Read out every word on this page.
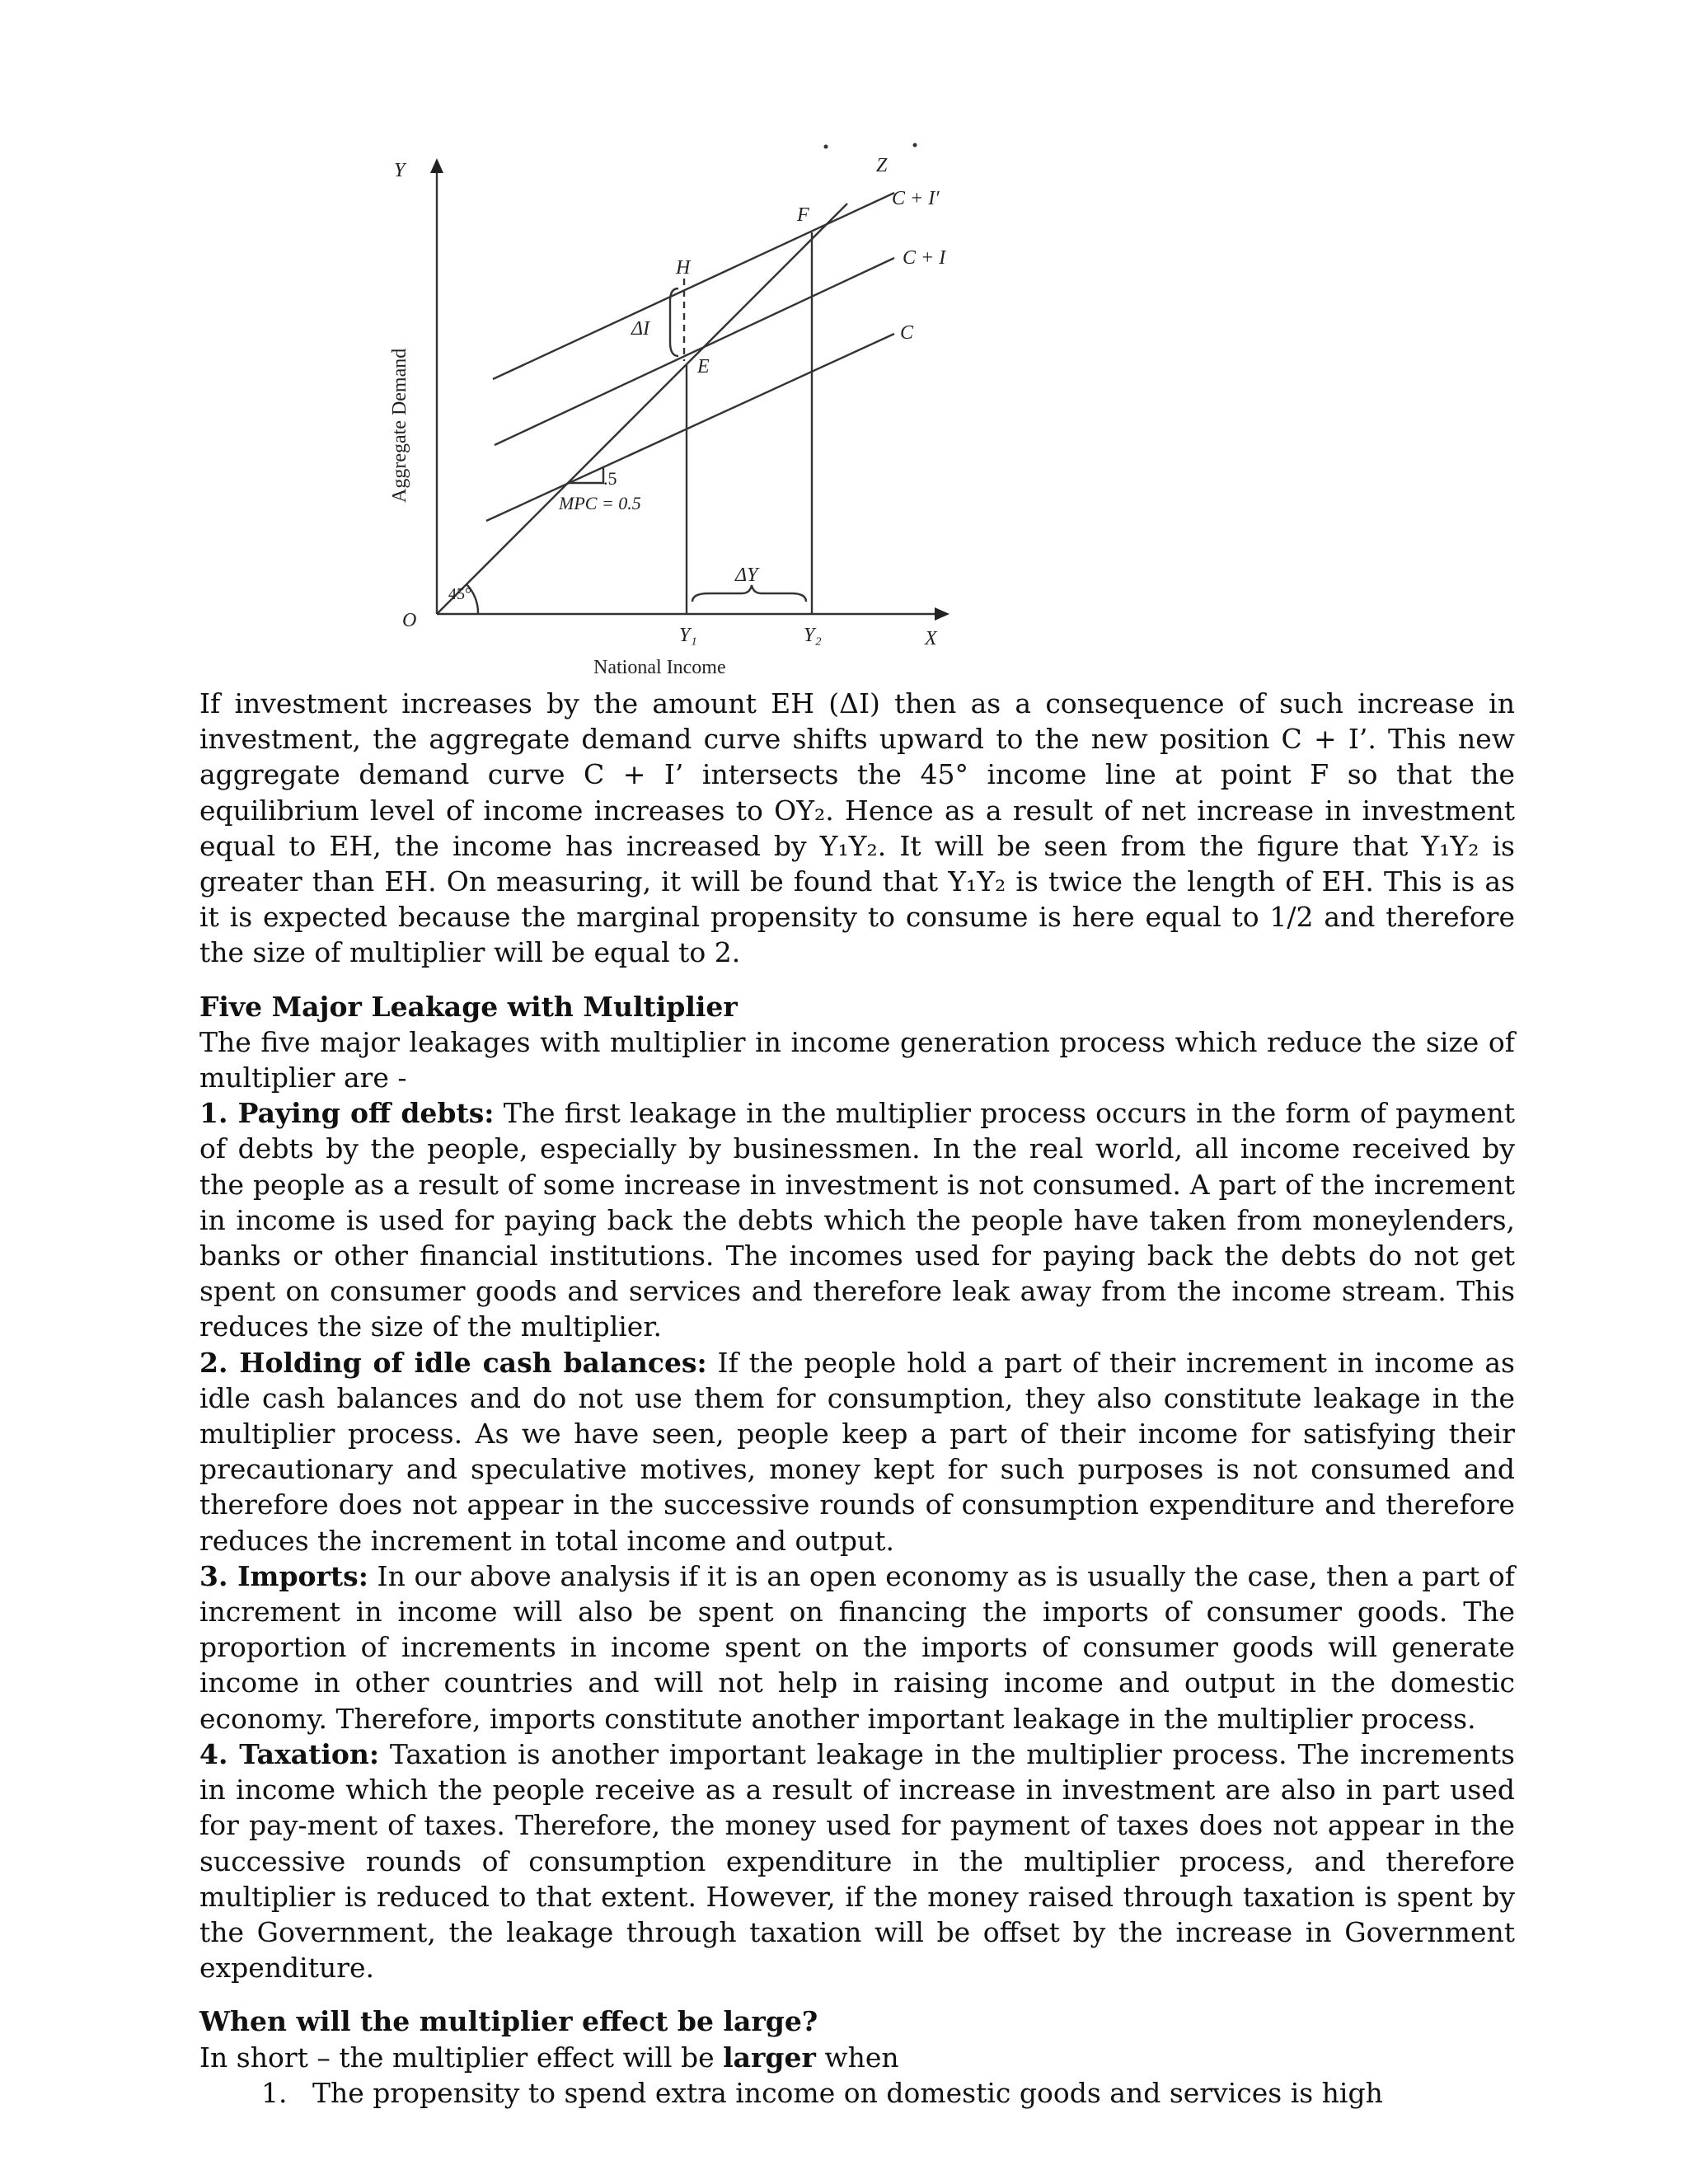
Y
X
O
Aggregate Demand
National Income
45°
Z
C + I′
C + I
C
F
H
E
ΔI
.5
MPC = 0.5
ΔY
Y₁	Y₂

If investment increases by the amount EH (ΔI) then as a consequence of such increase in investment, the aggregate demand curve shifts upward to the new position C + I’. This new aggregate demand curve C + I’ intersects the 45° income line at point F so that the equilibrium level of income increases to OY₂. Hence as a result of net increase in investment equal to EH, the income has increased by Y₁Y₂. It will be seen from the figure that Y₁Y₂ is greater than EH. On measuring, it will be found that Y₁Y₂ is twice the length of EH. This is as it is expected because the marginal propensity to consume is here equal to 1/2 and therefore the size of multiplier will be equal to 2.

Five Major Leakage with Multiplier

The five major leakages with multiplier in income generation process which reduce the size of multiplier are -

1. Paying off debts: The first leakage in the multiplier process occurs in the form of payment of debts by the people, especially by businessmen. In the real world, all income received by the people as a result of some increase in investment is not consumed. A part of the increment in income is used for paying back the debts which the people have taken from moneylenders, banks or other financial institutions. The incomes used for paying back the debts do not get spent on consumer goods and services and therefore leak away from the income stream. This reduces the size of the multiplier.

2. Holding of idle cash balances: If the people hold a part of their increment in income as idle cash balances and do not use them for consumption, they also constitute leakage in the multiplier process. As we have seen, people keep a part of their income for satisfying their precautionary and speculative motives, money kept for such purposes is not consumed and therefore does not appear in the successive rounds of consumption expenditure and therefore reduces the increment in total income and output.

3. Imports: In our above analysis if it is an open economy as is usually the case, then a part of increment in income will also be spent on financing the imports of consumer goods. The proportion of increments in income spent on the imports of consumer goods will generate income in other countries and will not help in raising income and output in the domestic economy. Therefore, imports constitute another important leakage in the multiplier process.

4. Taxation: Taxation is another important leakage in the multiplier process. The increments in income which the people receive as a result of increase in investment are also in part used for pay-ment of taxes. Therefore, the money used for payment of taxes does not appear in the successive rounds of consumption expenditure in the multiplier process, and therefore multiplier is reduced to that extent. However, if the money raised through taxation is spent by the Government, the leakage through taxation will be offset by the increase in Government expenditure.

When will the multiplier effect be large?

In short – the multiplier effect will be larger when

1. The propensity to spend extra income on domestic goods and services is high
